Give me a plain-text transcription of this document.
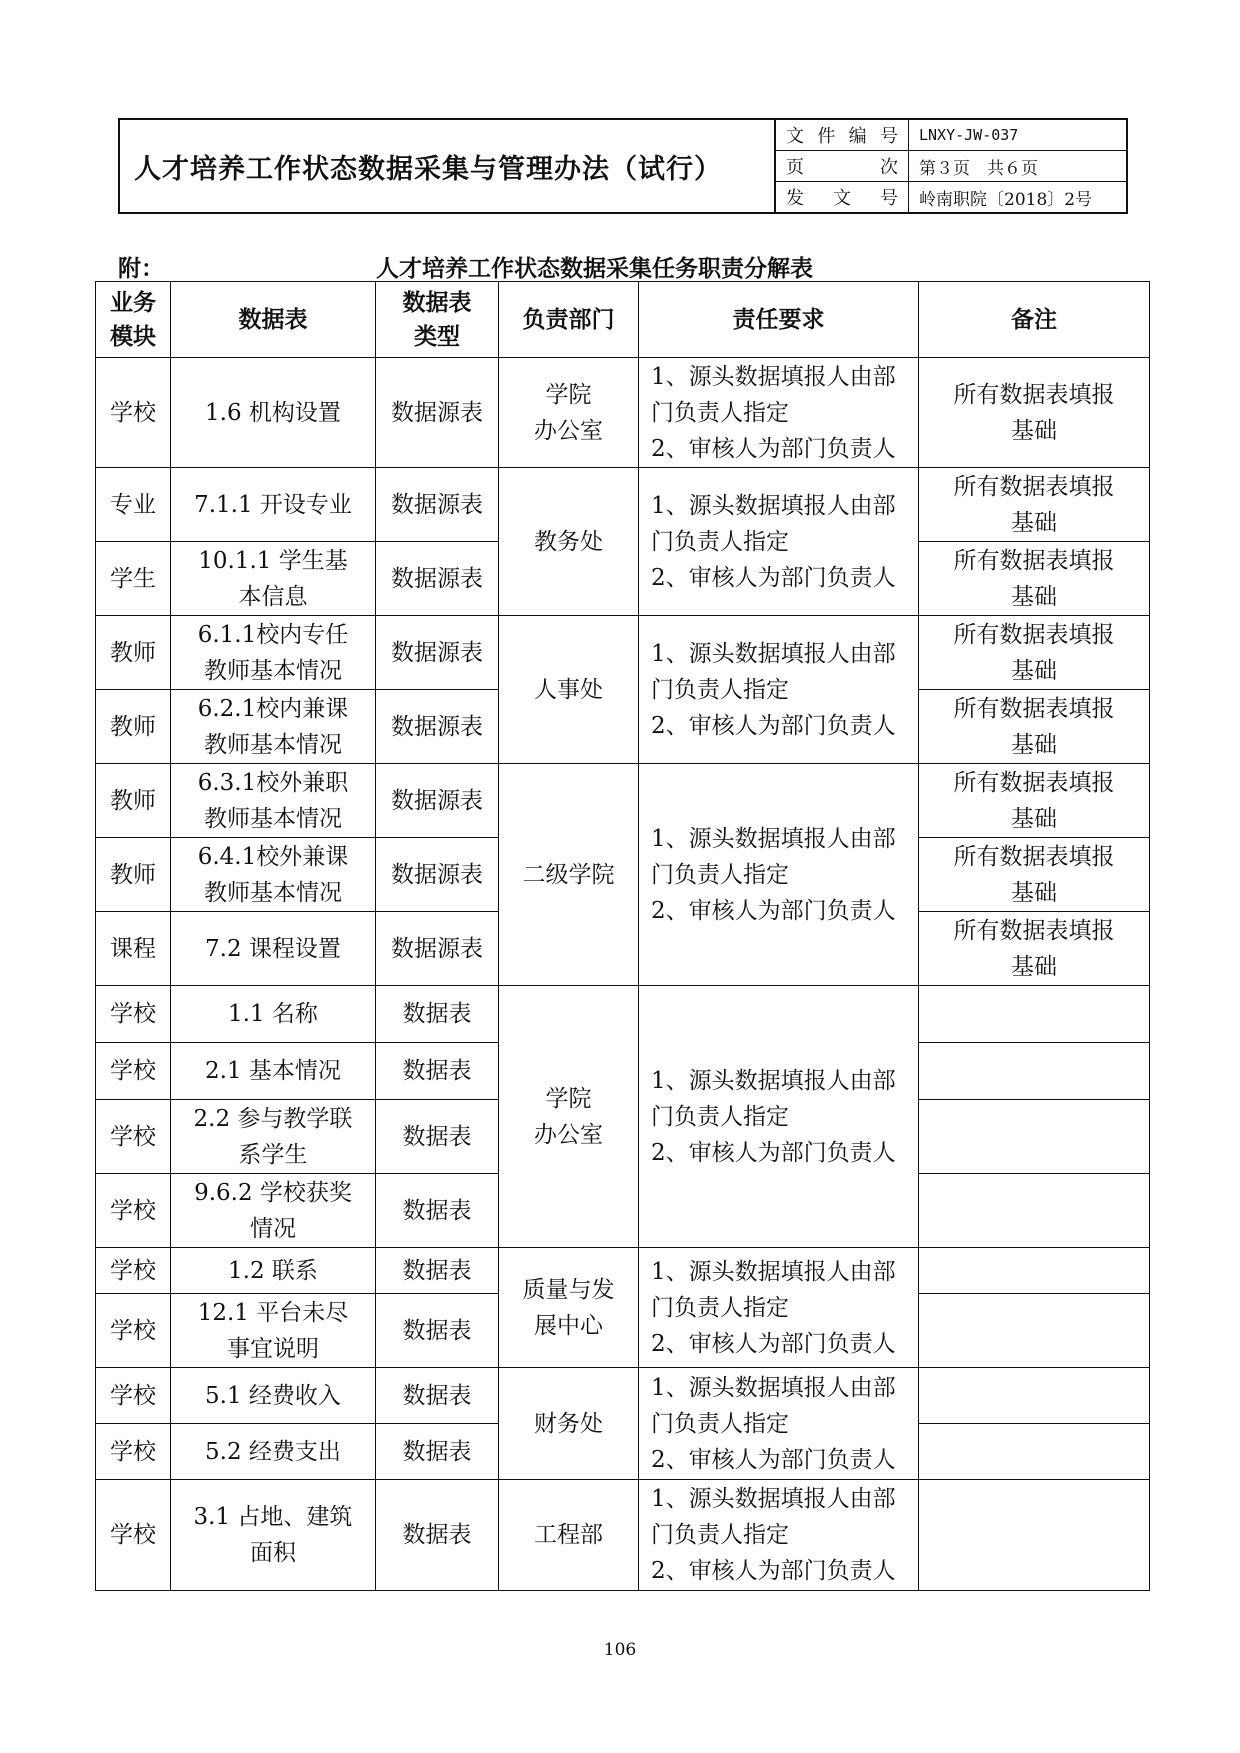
人才培养工作状态数据采集与管理办法（试行）
文 件 编 号	LNXY-JW-037
页	次	第３页　共６页
发 文 号	岭南职院〔2018〕2号
附：	人才培养工作状态数据采集任务职责分解表
业务
模块	数据表	数据表
类型	负责部门	责任要求	备注
学校	1.6 机构设置	数据源表	学院
办公室	1、源头数据填报人由部
门负责人指定
2、审核人为部门负责人	所有数据表填报
基础
专业	7.1.1 开设专业	数据源表	教务处	1、源头数据填报人由部
门负责人指定
2、审核人为部门负责人	所有数据表填报
基础
学生	10.1.1 学生基
本信息	数据源表			所有数据表填报
基础
教师	6.1.1校内专任
教师基本情况	数据源表	人事处	1、源头数据填报人由部
门负责人指定
2、审核人为部门负责人	所有数据表填报
基础
教师	6.2.1校内兼课
教师基本情况	数据源表			所有数据表填报
基础
教师	6.3.1校外兼职
教师基本情况	数据源表	二级学院	1、源头数据填报人由部
门负责人指定
2、审核人为部门负责人	所有数据表填报
基础
教师	6.4.1校外兼课
教师基本情况	数据源表			所有数据表填报
基础
课程	7.2 课程设置	数据源表			所有数据表填报
基础
学校	1.1 名称	数据表	学院
办公室	1、源头数据填报人由部
门负责人指定
2、审核人为部门负责人	
学校	2.1 基本情况	数据表			
学校	2.2 参与教学联
系学生	数据表			
学校	9.6.2 学校获奖
情况	数据表			
学校	1.2 联系	数据表	质量与发
展中心	1、源头数据填报人由部
门负责人指定
2、审核人为部门负责人	
学校	12.1 平台未尽
事宜说明	数据表			
学校	5.1 经费收入	数据表	财务处	1、源头数据填报人由部
门负责人指定
2、审核人为部门负责人	
学校	5.2 经费支出	数据表			
学校	3.1 占地、建筑
面积	数据表	工程部	1、源头数据填报人由部
门负责人指定
2、审核人为部门负责人	
106
